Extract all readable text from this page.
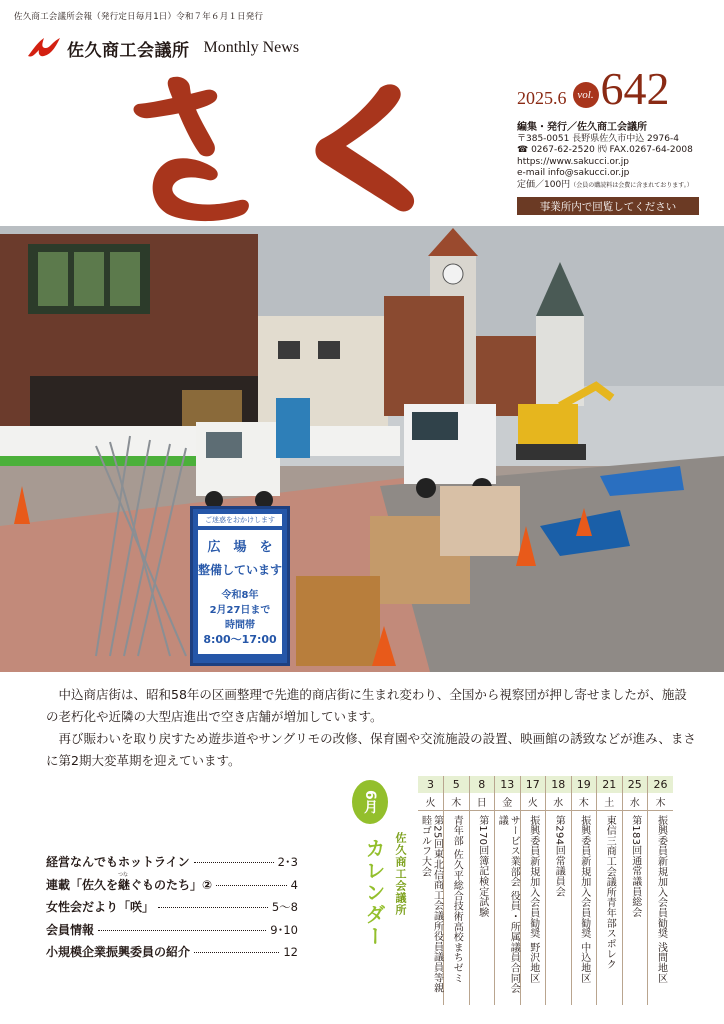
佐久商工会議所会報（発行定日毎月1日）令和７年６月１日発行
佐久商工会議所 Monthly News
2025.6 vol. 642
編集・発行／佐久商工会議所
〒385-0051 長野県佐久市中込 2976-4
☎ 0267-62-2520 ㈹ FAX.0267-64-2008
https://www.sakucci.or.jp
e-mail info@sakucci.or.jp
定価／100円（会員の購読料は会費に含まれております。）
事業所内で回覧してください
ご迷惑をおかけします
広　場　を
整備しています
令和8年
2月27日まで
時間帯
8:00〜17:00

中込商店街は、昭和58年の区画整理で先進的商店街に生まれ変わり、全国から視察団が押し寄せましたが、施設の老朽化や近隣の大型店進出で空き店舗が増加しています。

再び賑わいを取り戻すため遊歩道やサングリモの改修、保育園や交流施設の設置、映画館の誘致などが進み、まさに第2期大変革期を迎えています。

経営なんでもホットライン	2･3
連載「佐久を
つな
継ぐものたち」②	4
女性会だより「咲」	5〜8
会員情報	9･10
小規模企業振興委員の紹介	12
6月
佐久商工会議所
カレンダー
3	5	8	13	17	18	19	21	25	26
火	木	日	金	火	水	木	土	水	木
第25回東北信商工会議所役員議員等親睦ゴルフ大会	青年部 佐久平総合技術高校まちゼミ	第170回簿記検定試験	サービス業部会 役員・所属議員合同会議	振興委員新規加入会員勧奨 野沢地区	第294回常議員会	振興委員新規加入会員勧奨 中込地区	東信三商工会議所青年部スポレク	第183回通常議員総会	振興委員新規加入会員勧奨 浅間地区
